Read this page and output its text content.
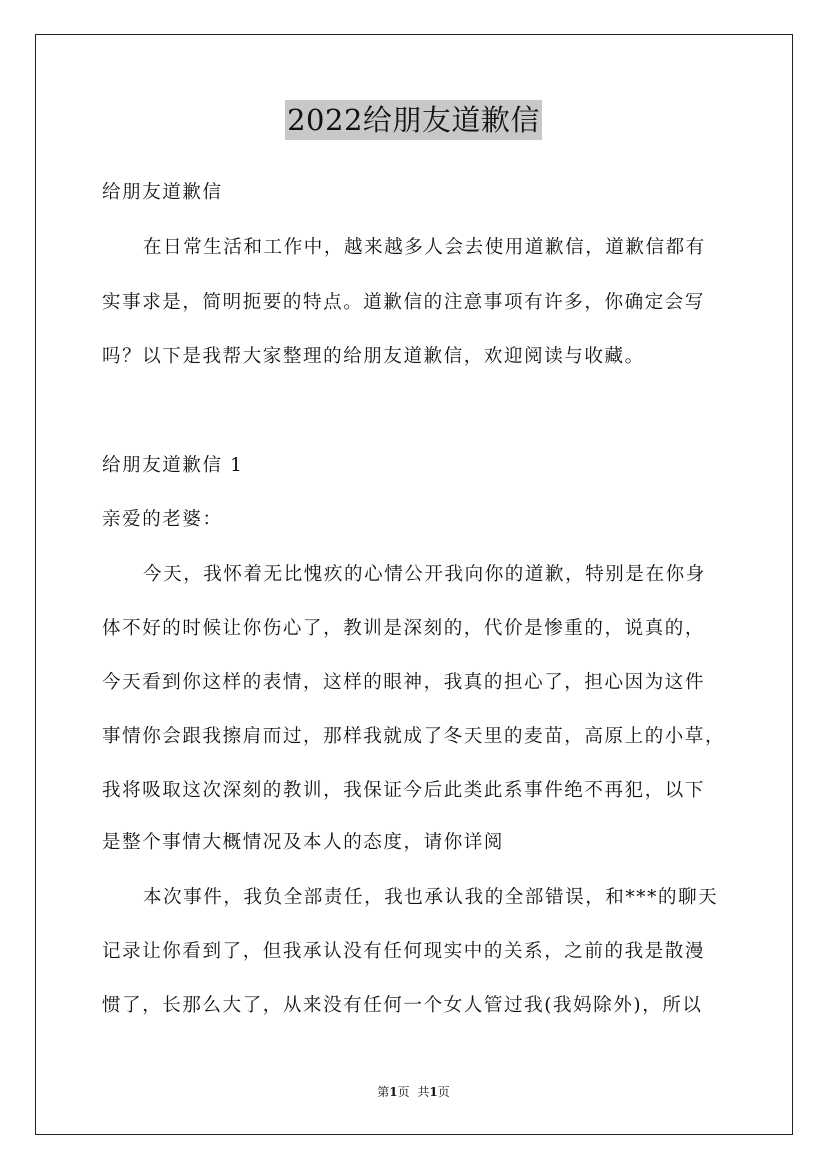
2022给朋友道歉信
给朋友道歉信
在日常生活和工作中，越来越多人会去使用道歉信，道歉信都有
实事求是，简明扼要的特点。道歉信的注意事项有许多，你确定会写
吗？以下是我帮大家整理的给朋友道歉信，欢迎阅读与收藏。
给朋友道歉信 1
亲爱的老婆：
今天，我怀着无比愧疚的心情公开我向你的道歉，特别是在你身
体不好的时候让你伤心了，教训是深刻的，代价是惨重的，说真的，
今天看到你这样的表情，这样的眼神，我真的担心了，担心因为这件
事情你会跟我擦肩而过，那样我就成了冬天里的麦苗，高原上的小草，
我将吸取这次深刻的教训，我保证今后此类此系事件绝不再犯，以下
是整个事情大概情况及本人的态度，请你详阅
本次事件，我负全部责任，我也承认我的全部错误，和***的聊天
记录让你看到了，但我承认没有任何现实中的关系，之前的我是散漫
惯了，长那么大了，从来没有任何一个女人管过我(我妈除外)，所以
第1页 共1页
